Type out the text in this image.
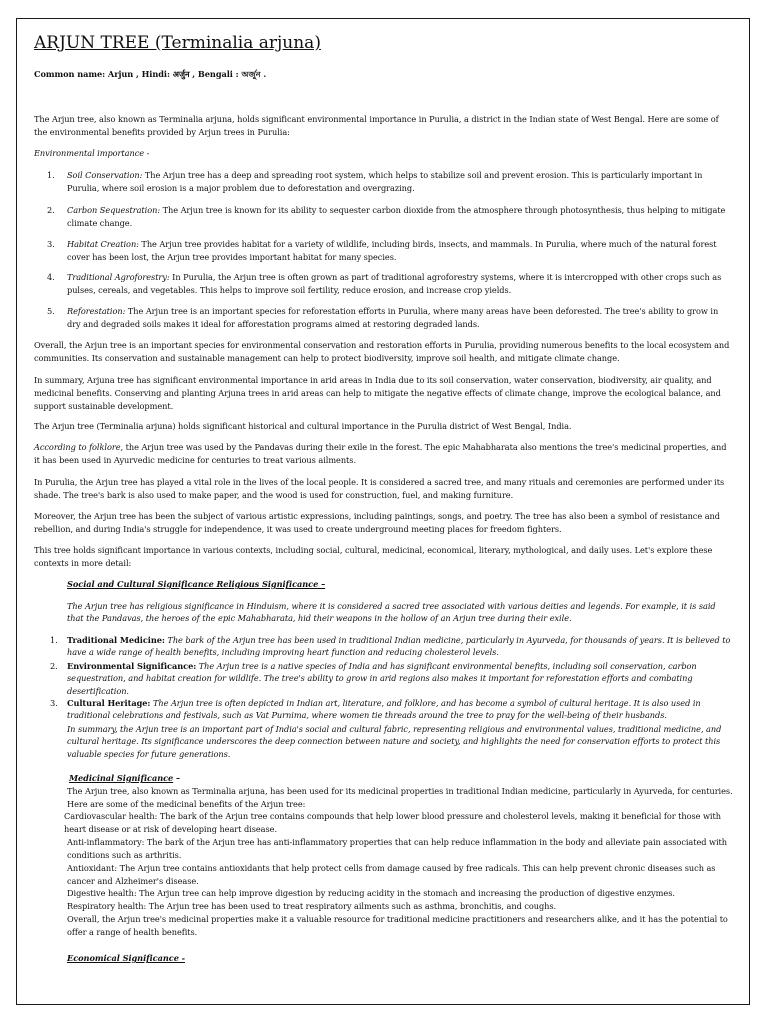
ARJUN TREE (Terminalia arjuna)
Common name: Arjun , Hindi: अर्जुन , Bengali : অর্জুন .
The Arjun tree, also known as Terminalia arjuna, holds significant environmental importance in Purulia, a district in the Indian state of West Bengal. Here are some of the environmental benefits provided by Arjun trees in Purulia:
Environmental importance -
1. Soil Conservation: The Arjun tree has a deep and spreading root system, which helps to stabilize soil and prevent erosion. This is particularly important in Purulia, where soil erosion is a major problem due to deforestation and overgrazing.
2. Carbon Sequestration: The Arjun tree is known for its ability to sequester carbon dioxide from the atmosphere through photosynthesis, thus helping to mitigate climate change.
3. Habitat Creation: The Arjun tree provides habitat for a variety of wildlife, including birds, insects, and mammals. In Purulia, where much of the natural forest cover has been lost, the Arjun tree provides important habitat for many species.
4. Traditional Agroforestry: In Purulia, the Arjun tree is often grown as part of traditional agroforestry systems, where it is intercropped with other crops such as pulses, cereals, and vegetables. This helps to improve soil fertility, reduce erosion, and increase crop yields.
5. Reforestation: The Arjun tree is an important species for reforestation efforts in Purulia, where many areas have been deforested. The tree's ability to grow in dry and degraded soils makes it ideal for afforestation programs aimed at restoring degraded lands.
Overall, the Arjun tree is an important species for environmental conservation and restoration efforts in Purulia, providing numerous benefits to the local ecosystem and communities. Its conservation and sustainable management can help to protect biodiversity, improve soil health, and mitigate climate change.
In summary, Arjuna tree has significant environmental importance in arid areas in India due to its soil conservation, water conservation, biodiversity, air quality, and medicinal benefits. Conserving and planting Arjuna trees in arid areas can help to mitigate the negative effects of climate change, improve the ecological balance, and support sustainable development.
The Arjun tree (Terminalia arjuna) holds significant historical and cultural importance in the Purulia district of West Bengal, India.
According to folklore, the Arjun tree was used by the Pandavas during their exile in the forest. The epic Mahabharata also mentions the tree's medicinal properties, and it has been used in Ayurvedic medicine for centuries to treat various ailments.
In Purulia, the Arjun tree has played a vital role in the lives of the local people. It is considered a sacred tree, and many rituals and ceremonies are performed under its shade. The tree's bark is also used to make paper, and the wood is used for construction, fuel, and making furniture.
Moreover, the Arjun tree has been the subject of various artistic expressions, including paintings, songs, and poetry. The tree has also been a symbol of resistance and rebellion, and during India's struggle for independence, it was used to create underground meeting places for freedom fighters.
This tree holds significant importance in various contexts, including social, cultural, medicinal, economical, literary, mythological, and daily uses. Let's explore these contexts in more detail:
Social and Cultural Significance Religious Significance –
The Arjun tree has religious significance in Hinduism, where it is considered a sacred tree associated with various deities and legends. For example, it is said that the Pandavas, the heroes of the epic Mahabharata, hid their weapons in the hollow of an Arjun tree during their exile.
1. Traditional Medicine: The bark of the Arjun tree has been used in traditional Indian medicine, particularly in Ayurveda, for thousands of years. It is believed to have a wide range of health benefits, including improving heart function and reducing cholesterol levels.
2. Environmental Significance: The Arjun tree is a native species of India and has significant environmental benefits, including soil conservation, carbon sequestration, and habitat creation for wildlife. The tree's ability to grow in arid regions also makes it important for reforestation efforts and combating desertification.
3. Cultural Heritage: The Arjun tree is often depicted in Indian art, literature, and folklore, and has become a symbol of cultural heritage. It is also used in traditional celebrations and festivals, such as Vat Purnima, where women tie threads around the tree to pray for the well-being of their husbands.
In summary, the Arjun tree is an important part of India's social and cultural fabric, representing religious and environmental values, traditional medicine, and cultural heritage. Its significance underscores the deep connection between nature and society, and highlights the need for conservation efforts to protect this valuable species for future generations.
Medicinal Significance –
The Arjun tree, also known as Terminalia arjuna, has been used for its medicinal properties in traditional Indian medicine, particularly in Ayurveda, for centuries. Here are some of the medicinal benefits of the Arjun tree:
Cardiovascular health: The bark of the Arjun tree contains compounds that help lower blood pressure and cholesterol levels, making it beneficial for those with heart disease or at risk of developing heart disease.
Anti-inflammatory: The bark of the Arjun tree has anti-inflammatory properties that can help reduce inflammation in the body and alleviate pain associated with conditions such as arthritis.
Antioxidant: The Arjun tree contains antioxidants that help protect cells from damage caused by free radicals. This can help prevent chronic diseases such as cancer and Alzheimer's disease.
Digestive health: The Arjun tree can help improve digestion by reducing acidity in the stomach and increasing the production of digestive enzymes.
Respiratory health: The Arjun tree has been used to treat respiratory ailments such as asthma, bronchitis, and coughs.
Overall, the Arjun tree's medicinal properties make it a valuable resource for traditional medicine practitioners and researchers alike, and it has the potential to offer a range of health benefits.
Economical Significance -
